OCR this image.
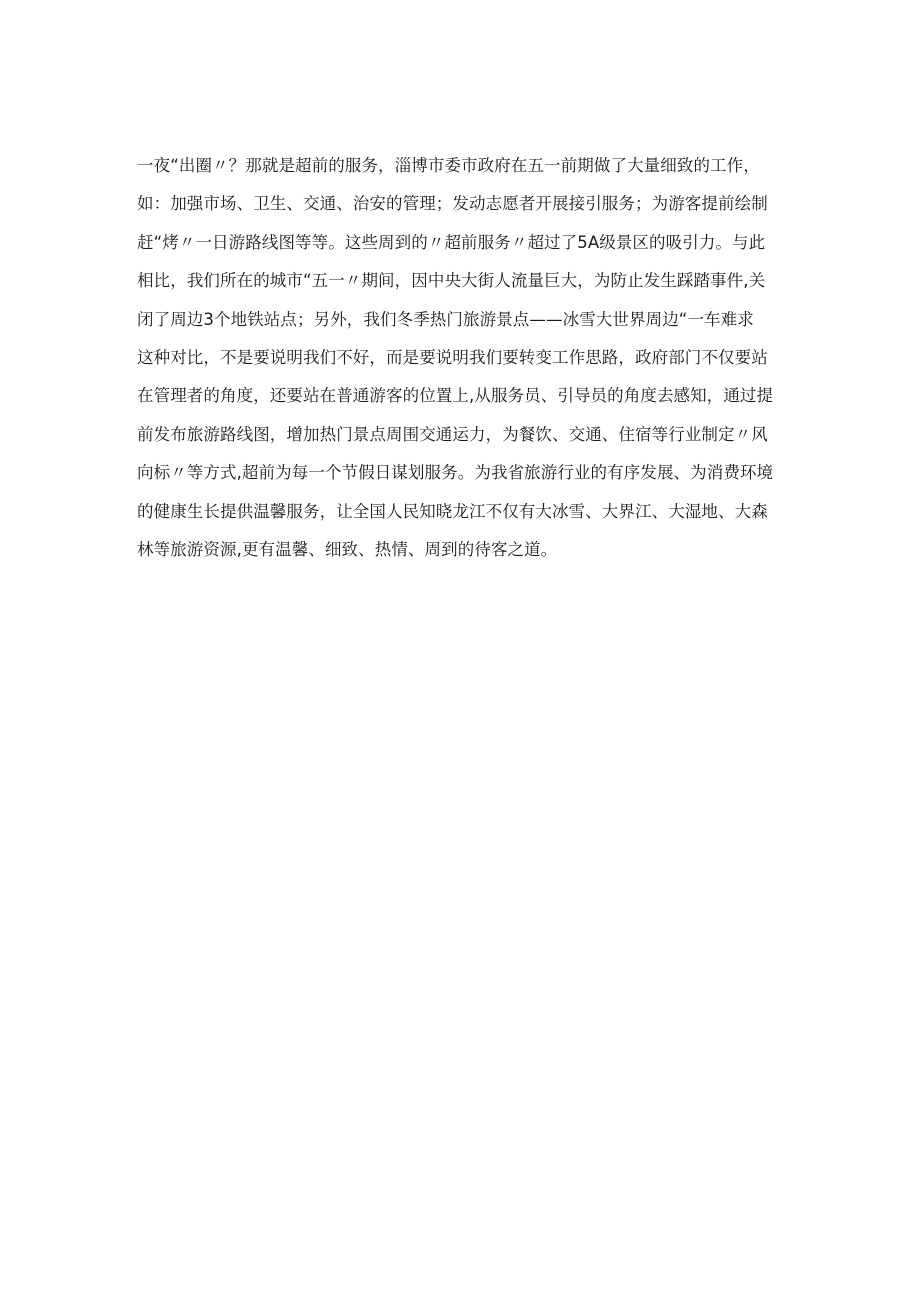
一夜“出圈〃？那就是超前的服务，淄博市委市政府在五一前期做了大量细致的工作，
如：加强市场、卫生、交通、治安的管理；发动志愿者开展接引服务；为游客提前绘制
赶“烤〃一日游路线图等等。这些周到的〃超前服务〃超过了5A级景区的吸引力。与此
相比，我们所在的城市“五一〃期间，因中央大街人流量巨大，为防止发生踩踏事件,关
闭了周边3个地铁站点；另外，我们冬季热门旅游景点——冰雪大世界周边“一车难求
这种对比，不是要说明我们不好，而是要说明我们要转变工作思路，政府部门不仅要站
在管理者的角度，还要站在普通游客的位置上,从服务员、引导员的角度去感知，通过提
前发布旅游路线图，增加热门景点周围交通运力，为餐饮、交通、住宿等行业制定〃风
向标〃等方式,超前为每一个节假日谋划服务。为我省旅游行业的有序发展、为消费环境
的健康生长提供温馨服务，让全国人民知晓龙江不仅有大冰雪、大界江、大湿地、大森
林等旅游资源,更有温馨、细致、热情、周到的待客之道。
